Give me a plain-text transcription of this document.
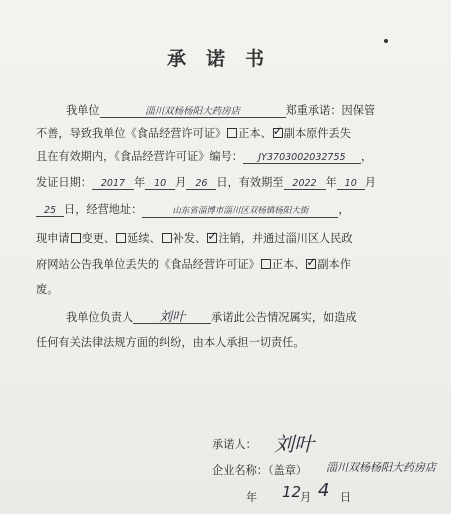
承诺书
我单位	淄川双杨杨阳大药房店	郑重承诺：因保管
不善，导致我单位《食品经营许可证》 正本、 ✓ 副本原件丢失
且在有效期内，《食品经营许可证》编号： JY37030020327​55 ，
发证日期： 2017 年 10 月 26 日，有效期至 2022 年 10 月
25 日，经营地址：	山东省淄博市淄川区双杨镇杨阳大街	，
现申请 变更、 延续、 补发、 ✓ 注销，并通过淄川区人民政
府网站公告我单位丢失的《食品经营许可证》 正本、 ✓ 副本作
废。
我单位负责人 刘叶 承诺此公告情况属实，如造成
任何有关法律法规方面的纠纷，由本人承担一切责任。
承诺人： 刘叶
企业名称：（盖章） 淄川双杨杨阳大药房店
年 12
月 4 日
